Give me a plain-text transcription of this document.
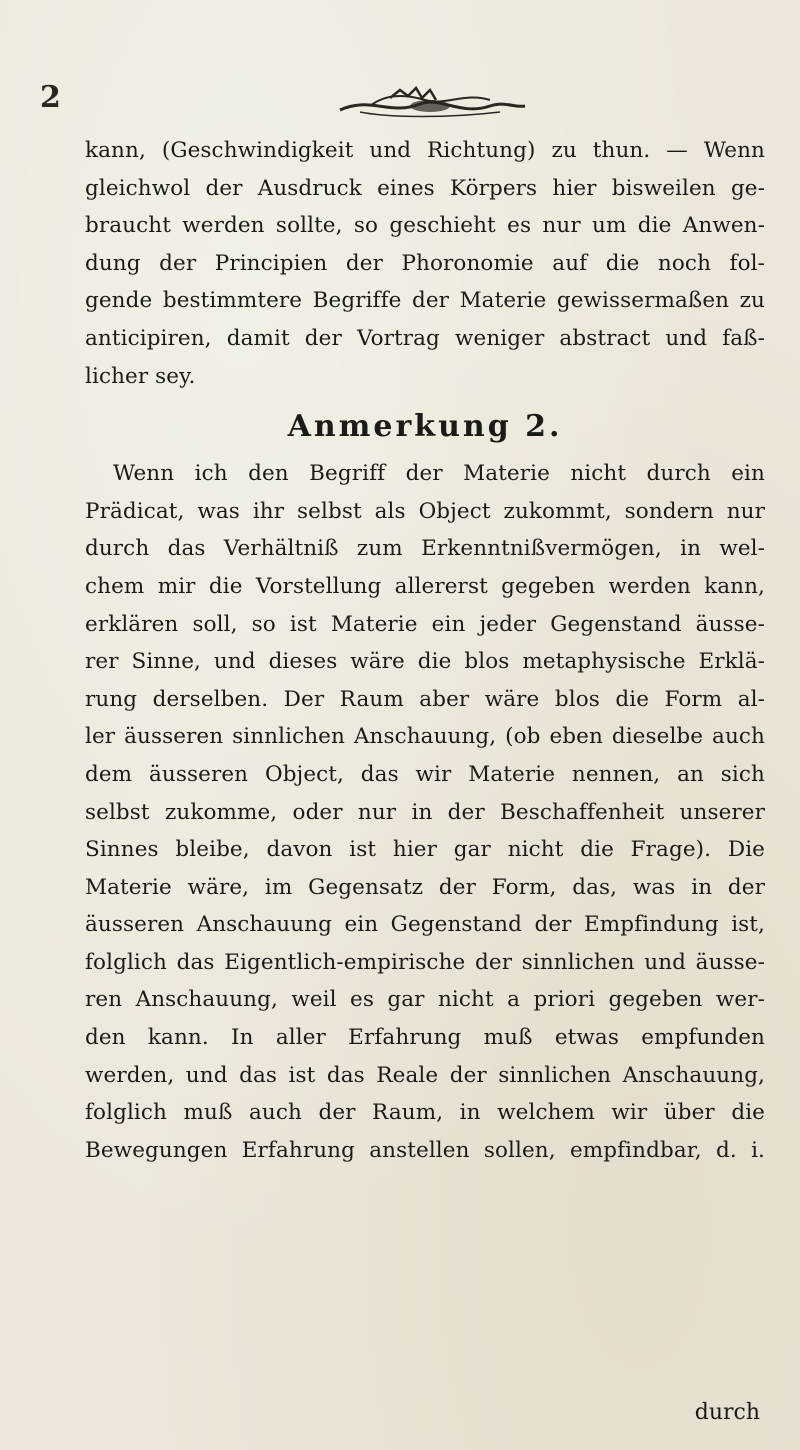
2
kann, (Geschwindigkeit und Richtung) zu thun. — Wenn
gleichwol der Ausdruck eines Körpers hier bisweilen ge-
braucht werden sollte, so geschieht es nur um die Anwen-
dung der Principien der Phoronomie auf die noch fol-
gende bestimmtere Begriffe der Materie gewissermaßen zu
anticipiren, damit der Vortrag weniger abstract und faß-
licher sey.
Anmerkung 2.
Wenn ich den Begriff der Materie nicht durch ein
Prädicat, was ihr selbst als Object zukommt, sondern nur
durch das Verhältniß zum Erkenntnißvermögen, in wel-
chem mir die Vorstellung allererst gegeben werden kann,
erklären soll, so ist Materie ein jeder Gegenstand äusse-
rer Sinne, und dieses wäre die blos metaphysische Erklä-
rung derselben. Der Raum aber wäre blos die Form al-
ler äusseren sinnlichen Anschauung, (ob eben dieselbe auch
dem äusseren Object, das wir Materie nennen, an sich
selbst zukomme, oder nur in der Beschaffenheit unserer
Sinnes bleibe, davon ist hier gar nicht die Frage). Die
Materie wäre, im Gegensatz der Form, das, was in der
äusseren Anschauung ein Gegenstand der Empfindung ist,
folglich das Eigentlich-empirische der sinnlichen und äusse-
ren Anschauung, weil es gar nicht a priori gegeben wer-
den kann. In aller Erfahrung muß etwas empfunden
werden, und das ist das Reale der sinnlichen Anschauung,
folglich muß auch der Raum, in welchem wir über die
Bewegungen Erfahrung anstellen sollen, empfindbar, d. i.
durch
